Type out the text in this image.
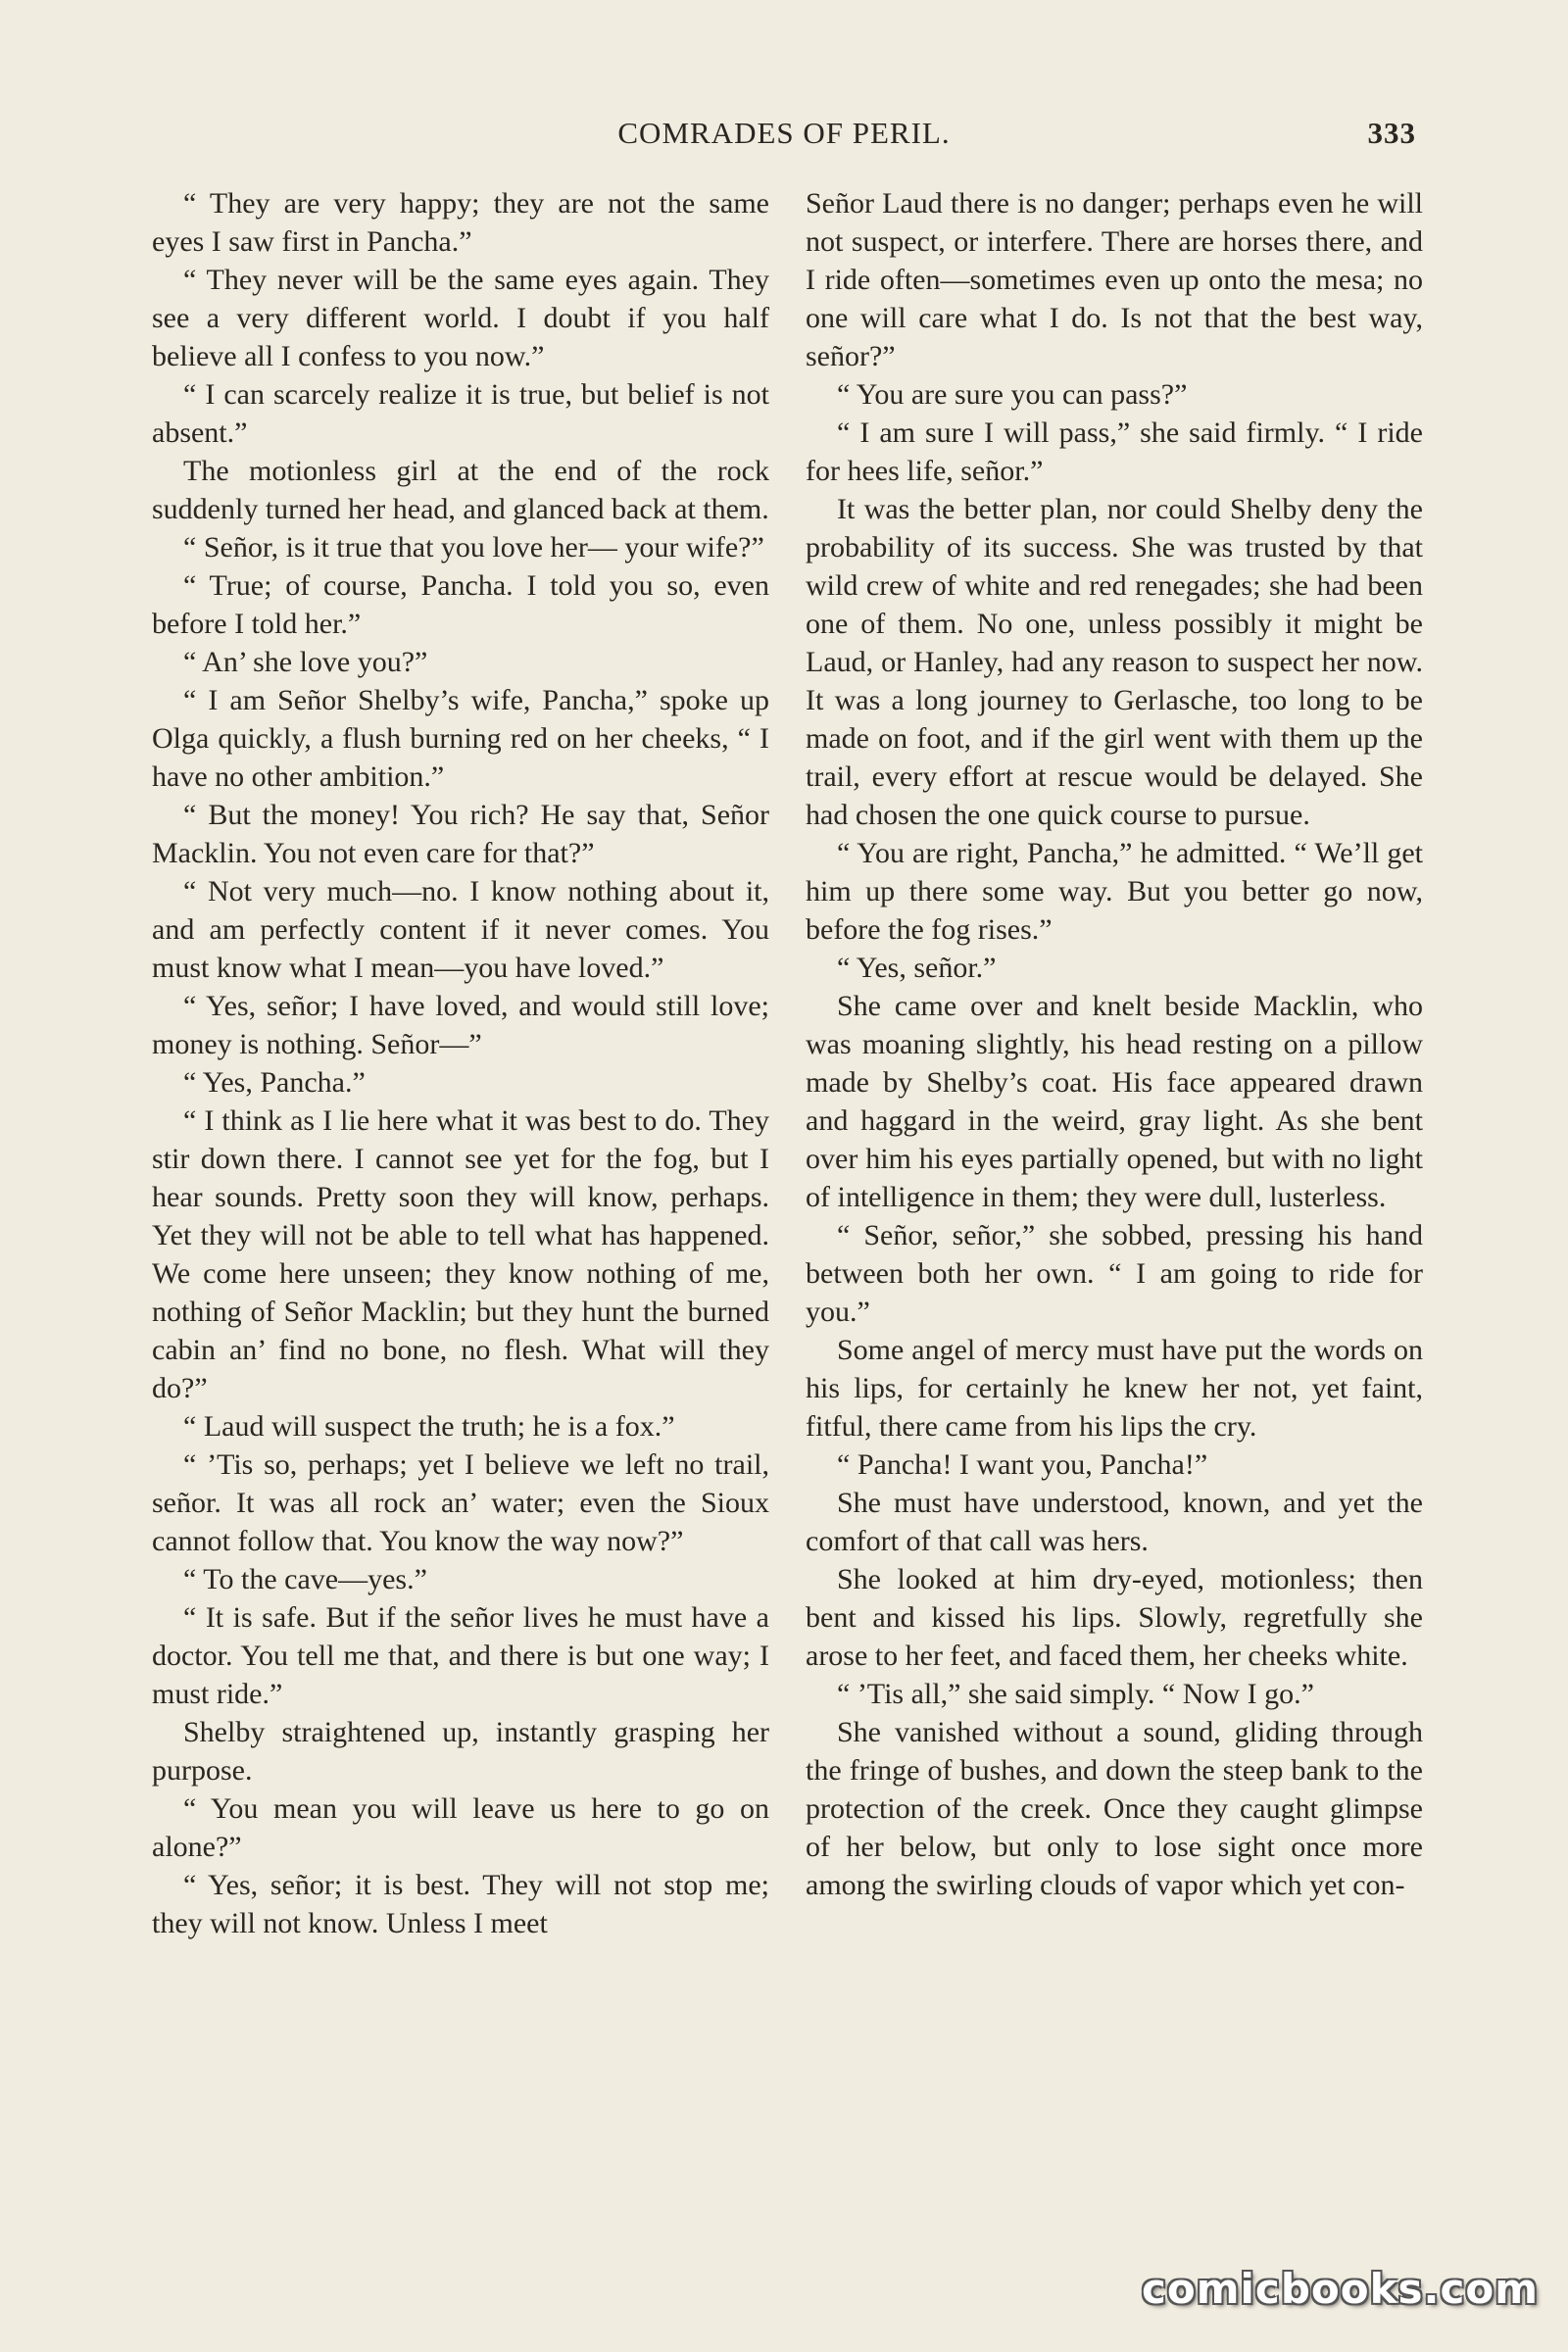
COMRADES OF PERIL.	333

“ They are very happy; they are not the same eyes I saw first in Pancha.”

“ They never will be the same eyes again. They see a very different world. I doubt if you half believe all I confess to you now.”

“ I can scarcely realize it is true, but belief is not absent.”

The motionless girl at the end of the rock suddenly turned her head, and glanced back at them.

“ Señor, is it true that you love her— your wife?”

“ True; of course, Pancha. I told you so, even before I told her.”

“ An’ she love you?”

“ I am Señor Shelby’s wife, Pancha,” spoke up Olga quickly, a flush burning red on her cheeks, “ I have no other ambition.”

“ But the money! You rich? He say that, Señor Macklin. You not even care for that?”

“ Not very much—no. I know nothing about it, and am perfectly content if it never comes. You must know what I mean—you have loved.”

“ Yes, señor; I have loved, and would still love; money is nothing. Señor—”

“ Yes, Pancha.”

“ I think as I lie here what it was best to do. They stir down there. I cannot see yet for the fog, but I hear sounds. Pretty soon they will know, perhaps. Yet they will not be able to tell what has happened. We come here unseen; they know nothing of me, nothing of Señor Macklin; but they hunt the burned cabin an’ find no bone, no flesh. What will they do?”

“ Laud will suspect the truth; he is a fox.”

“ ’Tis so, perhaps; yet I believe we left no trail, señor. It was all rock an’ water; even the Sioux cannot follow that. You know the way now?”

“ To the cave—yes.”

“ It is safe. But if the señor lives he must have a doctor. You tell me that, and there is but one way; I must ride.”

Shelby straightened up, instantly grasping her purpose.

“ You mean you will leave us here to go on alone?”

“ Yes, señor; it is best. They will not stop me; they will not know. Unless I meet

Señor Laud there is no danger; perhaps even he will not suspect, or interfere. There are horses there, and I ride often—sometimes even up onto the mesa; no one will care what I do. Is not that the best way, señor?”

“ You are sure you can pass?”

“ I am sure I will pass,” she said firmly. “ I ride for hees life, señor.”

It was the better plan, nor could Shelby deny the probability of its success. She was trusted by that wild crew of white and red renegades; she had been one of them. No one, unless possibly it might be Laud, or Hanley, had any reason to suspect her now. It was a long journey to Gerlasche, too long to be made on foot, and if the girl went with them up the trail, every effort at rescue would be delayed. She had chosen the one quick course to pursue.

“ You are right, Pancha,” he admitted. “ We’ll get him up there some way. But you better go now, before the fog rises.”

“ Yes, señor.”

She came over and knelt beside Macklin, who was moaning slightly, his head resting on a pillow made by Shelby’s coat. His face appeared drawn and haggard in the weird, gray light. As she bent over him his eyes partially opened, but with no light of intelligence in them; they were dull, lusterless.

“ Señor, señor,” she sobbed, pressing his hand between both her own. “ I am going to ride for you.”

Some angel of mercy must have put the words on his lips, for certainly he knew her not, yet faint, fitful, there came from his lips the cry.

“ Pancha! I want you, Pancha!”

She must have understood, known, and yet the comfort of that call was hers.

She looked at him dry-eyed, motionless; then bent and kissed his lips. Slowly, regretfully she arose to her feet, and faced them, her cheeks white.

“ ’Tis all,” she said simply. “ Now I go.”

She vanished without a sound, gliding through the fringe of bushes, and down the steep bank to the protection of the creek. Once they caught glimpse of her below, but only to lose sight once more among the swirling clouds of vapor which yet con-

comicbooks.com
